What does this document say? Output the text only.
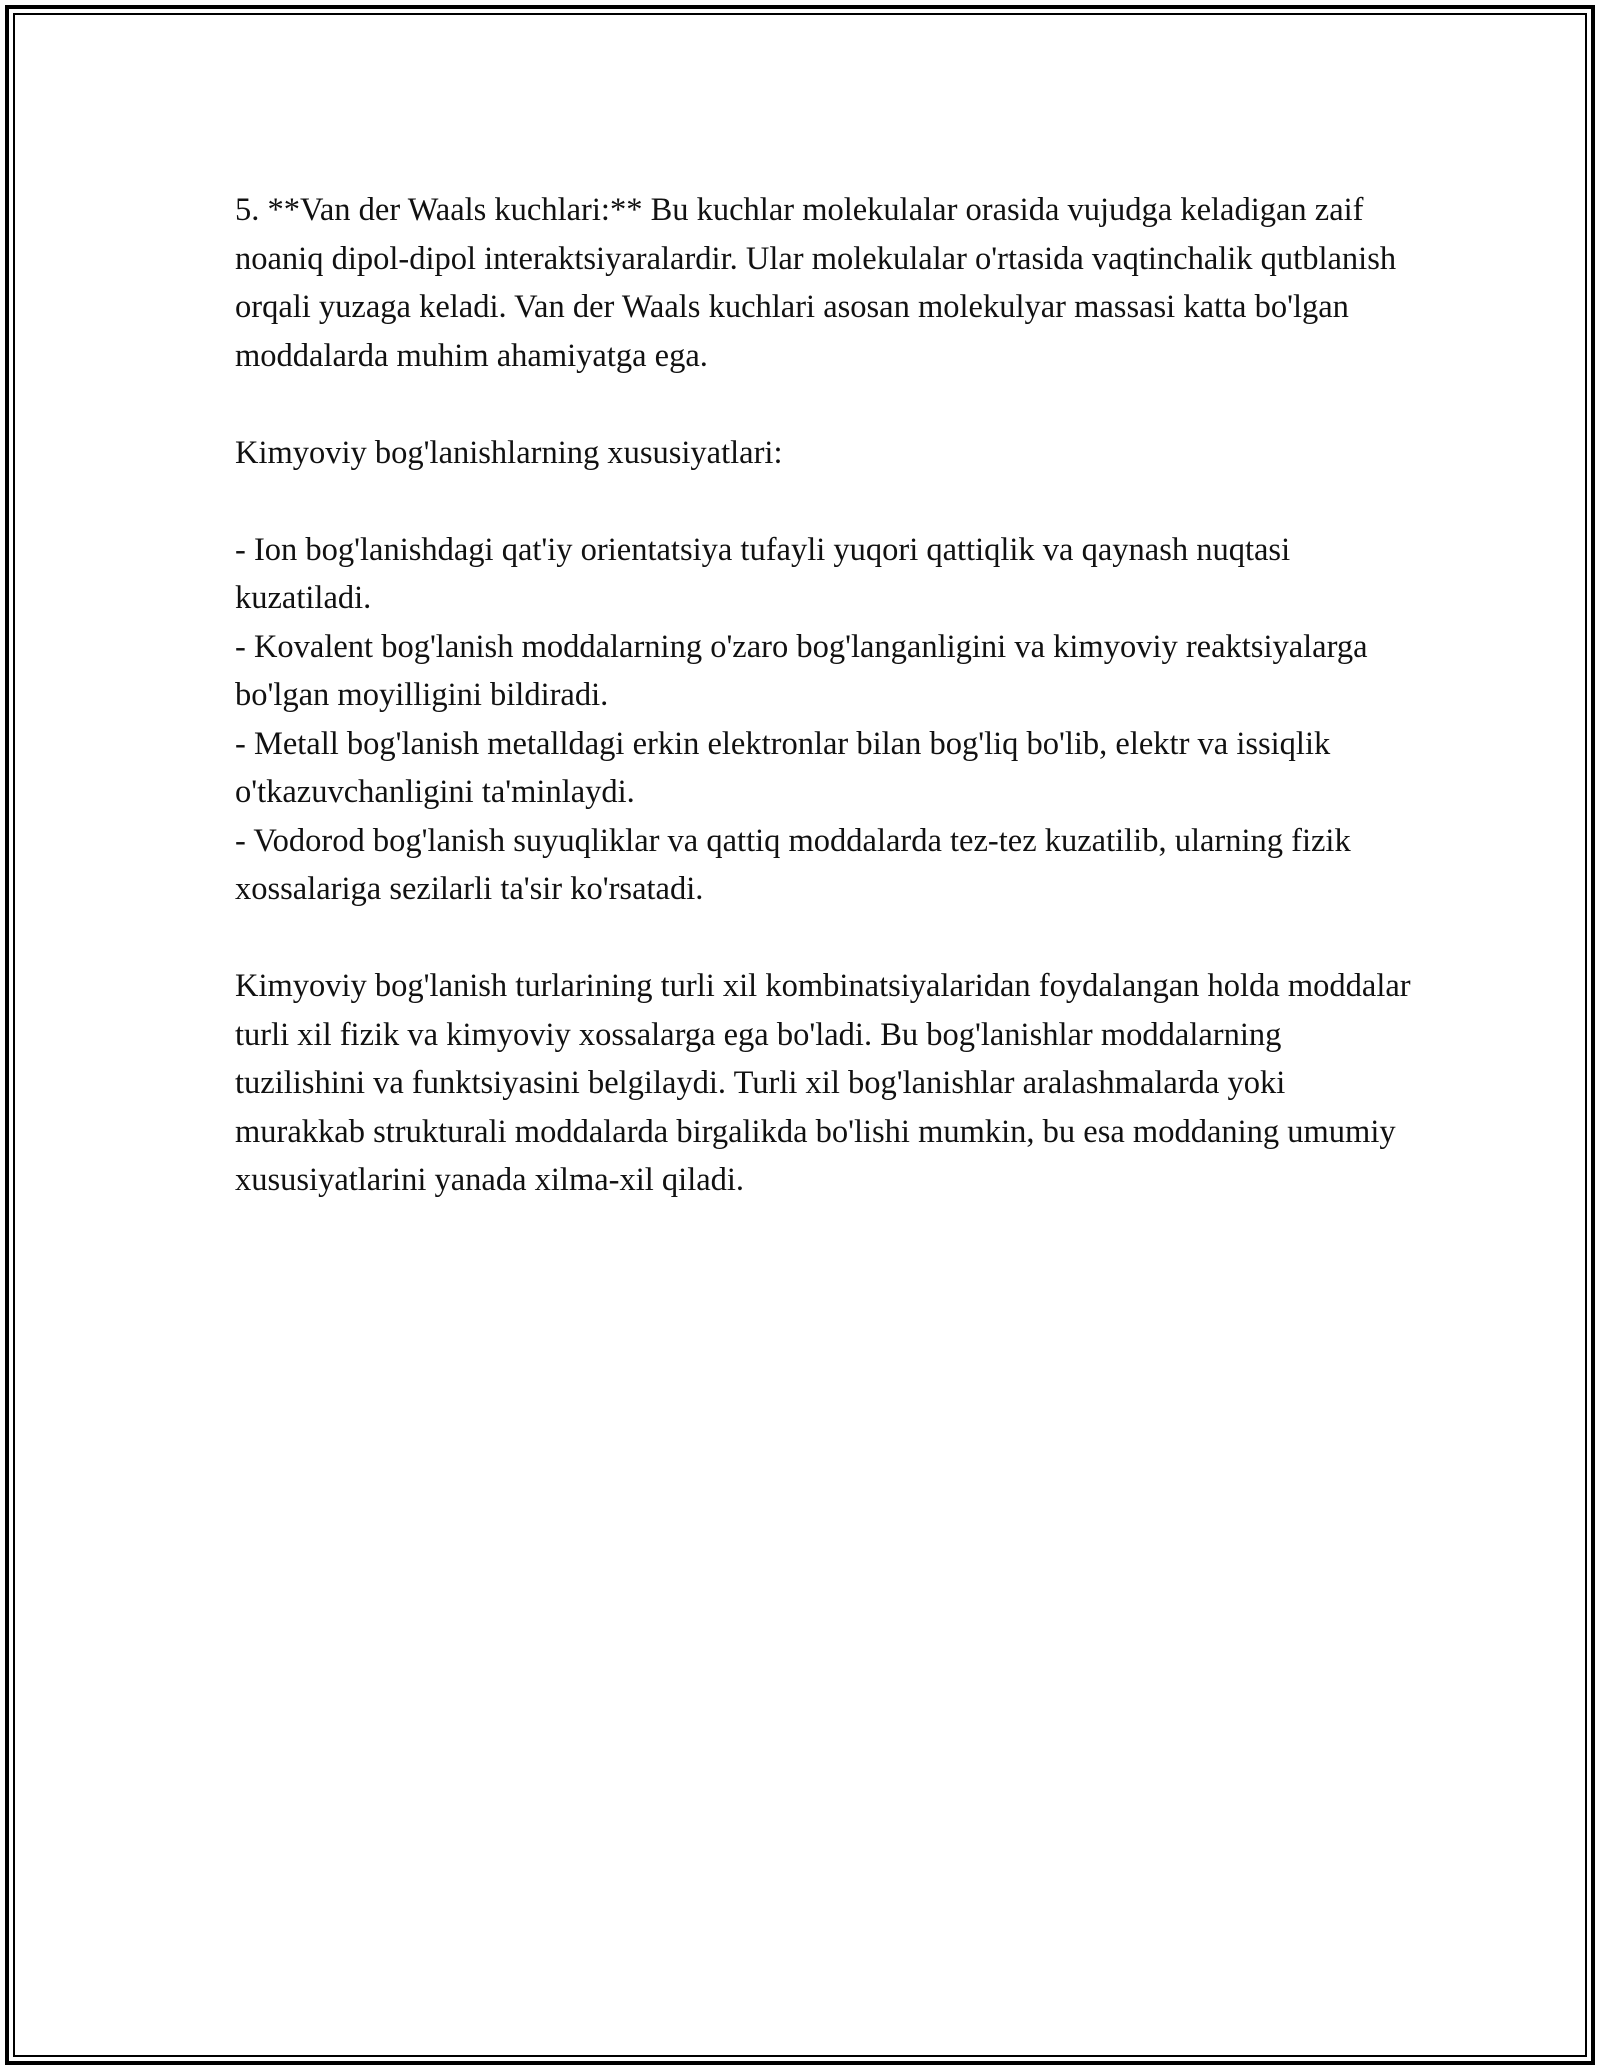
5. **Van der Waals kuchlari:** Bu kuchlar molekulalar orasida vujudga keladigan zaif noaniq dipol-dipol interaktsiyaralardir. Ular molekulalar o'rtasida vaqtinchalik qutblanish orqali yuzaga keladi. Van der Waals kuchlari asosan molekulyar massasi katta bo'lgan moddalarda muhim ahamiyatga ega.

Kimyoviy bog'lanishlarning xususiyatlari:

- Ion bog'lanishdagi qat'iy orientatsiya tufayli yuqori qattiqlik va qaynash nuqtasi kuzatiladi.

- Kovalent bog'lanish moddalarning o'zaro bog'langanligini va kimyoviy reaktsiyalarga bo'lgan moyilligini bildiradi.

- Metall bog'lanish metalldagi erkin elektronlar bilan bog'liq bo'lib, elektr va issiqlik o'tkazuvchanligini ta'minlaydi.

- Vodorod bog'lanish suyuqliklar va qattiq moddalarda tez-tez kuzatilib, ularning fizik xossalariga sezilarli ta'sir ko'rsatadi.

Kimyoviy bog'lanish turlarining turli xil kombinatsiyalaridan foydalangan holda moddalar turli xil fizik va kimyoviy xossalarga ega bo'ladi. Bu bog'lanishlar moddalarning tuzilishini va funktsiyasini belgilaydi. Turli xil bog'lanishlar aralashmalarda yoki murakkab strukturali moddalarda birgalikda bo'lishi mumkin, bu esa moddaning umumiy xususiyatlarini yanada xilma-xil qiladi.
